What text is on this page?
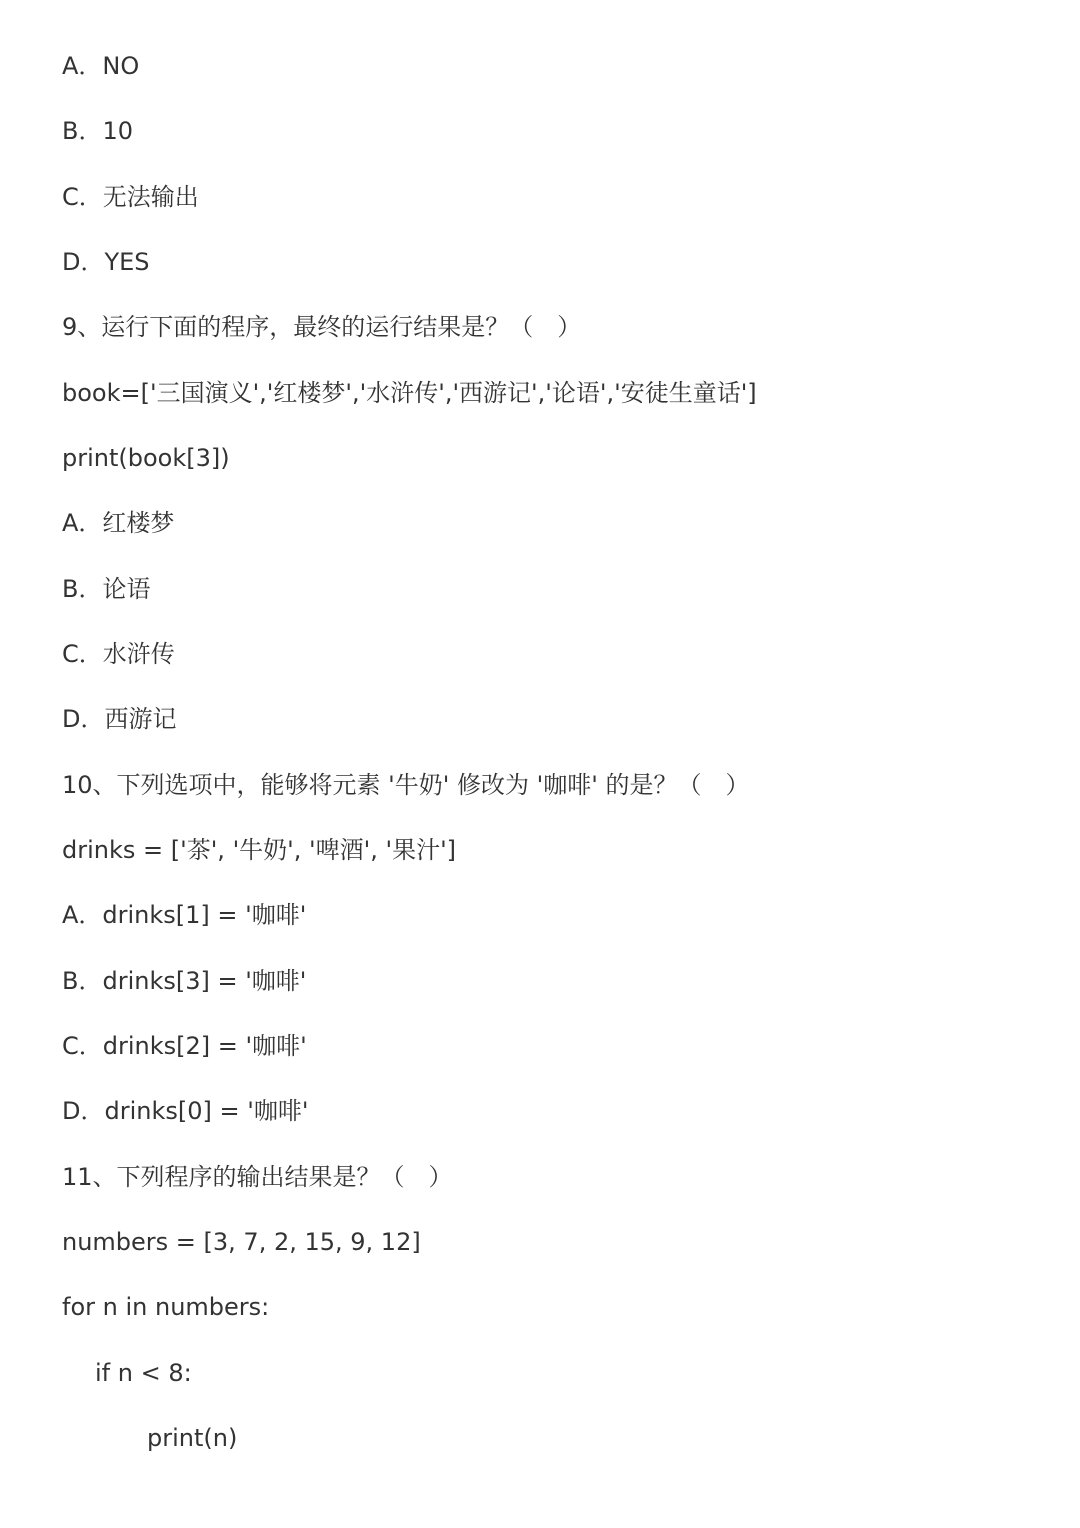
A．NO
B．10
C．无法输出
D．YES
9、运行下面的程序，最终的运行结果是？（　）
book=['三国演义','红楼梦','水浒传','西游记','论语','安徒生童话']
print(book[3])
A．红楼梦
B．论语
C．水浒传
D．西游记
10、下列选项中，能够将元素 '牛奶' 修改为 '咖啡' 的是？（　）
drinks = ['茶', '牛奶', '啤酒', '果汁']
A．drinks[1] = '咖啡'
B．drinks[3] = '咖啡'
C．drinks[2] = '咖啡'
D．drinks[0] = '咖啡'
11、下列程序的输出结果是？（　）
numbers = [3, 7, 2, 15, 9, 12]
for n in numbers:
if n < 8:
print(n)
